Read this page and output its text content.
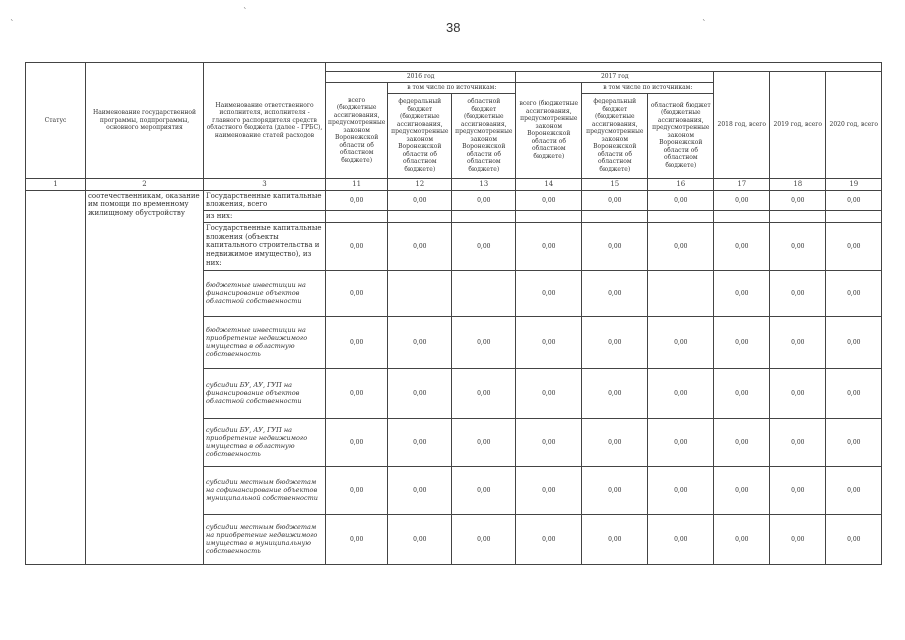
38
`
`
`
Статус	Наименование государственной программы, подпрограммы, основного мероприятия	Наименование ответственного исполнителя, исполнителя - главного распорядителя средств областного бюджета (далее - ГРБС), наименование статей расходов									
			2016 год			2017 год			2018 год, всего	2019 год, всего	2020 год, всего
			всего (бюджетные ассигнования, предусмотренные законом Воронежской области об областном бюджете)	в том числе по источникам:		всего (бюджетные ассигнования, предусмотренные законом Воронежской области об областном бюджете)	в том числе по источникам:				
				федеральный бюджет (бюджетные ассигнования, предусмотренные законом Воронежской области об областном бюджете)	областной бюджет (бюджетные ассигнования, предусмотренные законом Воронежской области об областном бюджете)		федеральный бюджет (бюджетные ассигнования, предусмотренные законом Воронежской области об областном бюджете)	областной бюджет (бюджетные ассигнования, предусмотренные законом Воронежской области об областном бюджете)			
1	2	3	11	12	13	14	15	16	17	18	19
	соотечественникам, оказание им помощи по временному жилищному обустройству	Государственные капитальные вложения, всего	0,00	0,00	0,00	0,00	0,00	0,00	0,00	0,00	0,00
		из них:									
		Государственные капитальные вложения (объекты капитального строительства и недвижимое имущество), из них:	0,00	0,00	0,00	0,00	0,00	0,00	0,00	0,00	0,00
		бюджетные инвестиции на финансирование объектов областной собственности	0,00			0,00	0,00		0,00	0,00	0,00
		бюджетные инвестиции на приобретение недвижимого имущества в областную собственность	0,00	0,00	0,00	0,00	0,00	0,00	0,00	0,00	0,00
		субсидии БУ, АУ, ГУП на финансирование объектов областной собственности	0,00	0,00	0,00	0,00	0,00	0,00	0,00	0,00	0,00
		субсидии БУ, АУ, ГУП на приобретение недвижимого имущества в областную собственность	0,00	0,00	0,00	0,00	0,00	0,00	0,00	0,00	0,00
		субсидии местным бюджетам на софинансирование объектов муниципальной собственности	0,00	0,00	0,00	0,00	0,00	0,00	0,00	0,00	0,00
		субсидии местным бюджетам на приобретение недвижимого имущества в муниципальную собственность	0,00	0,00	0,00	0,00	0,00	0,00	0,00	0,00	0,00
